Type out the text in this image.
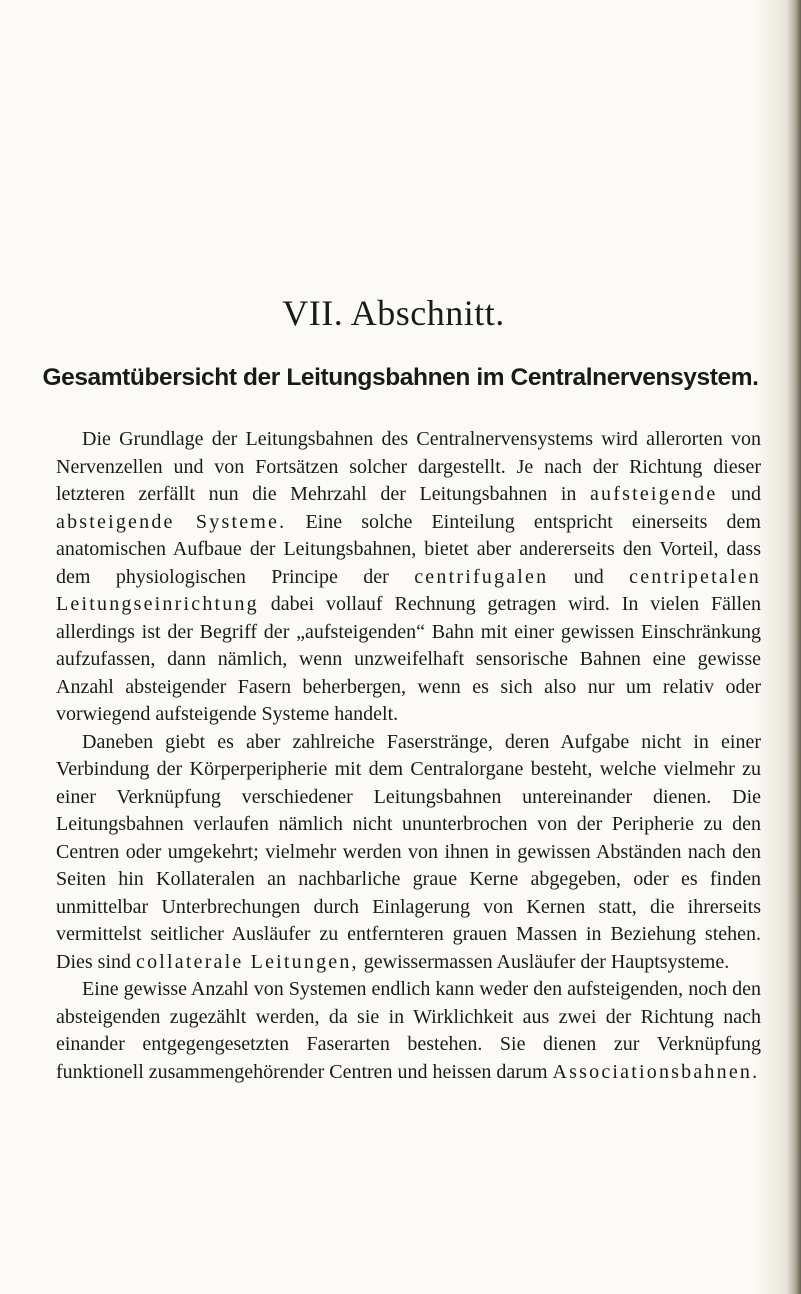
VII. Abschnitt.
Gesamtübersicht der Leitungsbahnen im Centralnervensystem.

Die Grundlage der Leitungsbahnen des Centralnervensystems wird allerorten von Nervenzellen und von Fortsätzen solcher dargestellt. Je nach der Richtung dieser letzteren zerfällt nun die Mehrzahl der Leitungsbahnen in aufsteigende und absteigende Systeme. Eine solche Einteilung entspricht einerseits dem anatomischen Aufbaue der Leitungsbahnen, bietet aber andererseits den Vorteil, dass dem physiologischen Principe der centrifugalen und centripetalen Leitungseinrichtung dabei vollauf Rechnung getragen wird. In vielen Fällen allerdings ist der Begriff der „aufsteigenden“ Bahn mit einer gewissen Einschränkung aufzufassen, dann nämlich, wenn unzweifelhaft sensorische Bahnen eine gewisse Anzahl absteigender Fasern beherbergen, wenn es sich also nur um relativ oder vorwiegend aufsteigende Systeme handelt.

Daneben giebt es aber zahlreiche Faserstränge, deren Aufgabe nicht in einer Verbindung der Körperperipherie mit dem Centralorgane besteht, welche vielmehr zu einer Verknüpfung verschiedener Leitungsbahnen untereinander dienen. Die Leitungsbahnen verlaufen nämlich nicht ununterbrochen von der Peripherie zu den Centren oder umgekehrt; vielmehr werden von ihnen in gewissen Abständen nach den Seiten hin Kollateralen an nachbarliche graue Kerne abgegeben, oder es finden unmittelbar Unterbrechungen durch Einlagerung von Kernen statt, die ihrerseits vermittelst seitlicher Ausläufer zu entfernteren grauen Massen in Beziehung stehen. Dies sind collaterale Leitungen, gewissermassen Ausläufer der Hauptsysteme.

Eine gewisse Anzahl von Systemen endlich kann weder den aufsteigenden, noch den absteigenden zugezählt werden, da sie in Wirklichkeit aus zwei der Richtung nach einander entgegengesetzten Faserarten bestehen. Sie dienen zur Verknüpfung funktionell zusammengehörender Centren und heissen darum Associationsbahnen.
